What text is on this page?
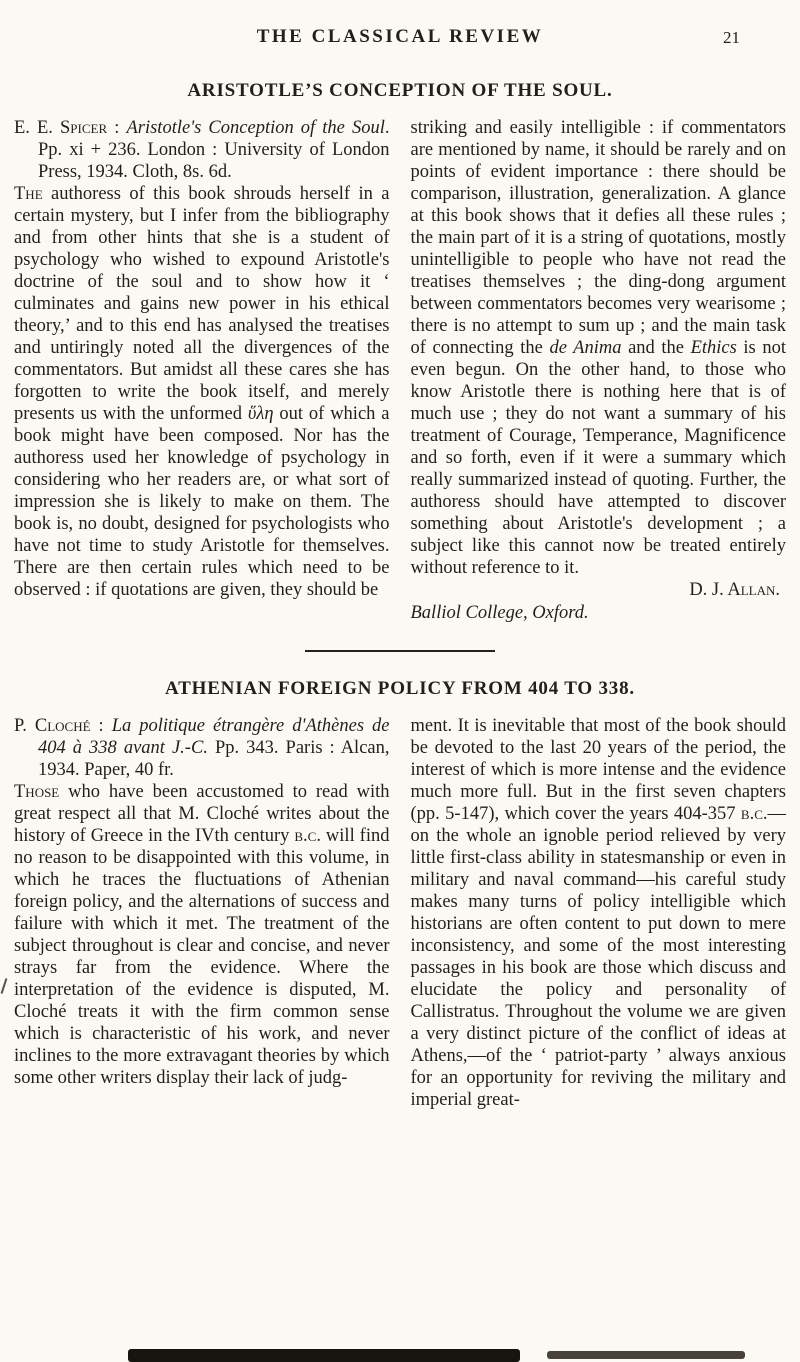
THE CLASSICAL REVIEW	21
ARISTOTLE’S CONCEPTION OF THE SOUL.

E. E. Spicer : Aristotle's Conception of the Soul. Pp. xi + 236. London : University of London Press, 1934. Cloth, 8s. 6d.

The authoress of this book shrouds herself in a certain mystery, but I infer from the bibliography and from other hints that she is a student of psychology who wished to expound Aristotle's doctrine of the soul and to show how it ‘ culminates and gains new power in his ethical theory,’ and to this end has analysed the treatises and untiringly noted all the divergences of the commentators. But amidst all these cares she has forgotten to write the book itself, and merely presents us with the unformed ὕλη out of which a book might have been composed. Nor has the authoress used her knowledge of psychology in considering who her readers are, or what sort of impression she is likely to make on them. The book is, no doubt, designed for psychologists who have not time to study Aristotle for themselves. There are then certain rules which need to be observed : if quotations are given, they should be

striking and easily intelligible : if commentators are mentioned by name, it should be rarely and on points of evident importance : there should be comparison, illustration, generalization. A glance at this book shows that it defies all these rules ; the main part of it is a string of quotations, mostly unintelligible to people who have not read the treatises themselves ; the ding-dong argument between commentators becomes very wearisome ; there is no attempt to sum up ; and the main task of connecting the de Anima and the Ethics is not even begun. On the other hand, to those who know Aristotle there is nothing here that is of much use ; they do not want a summary of his treatment of Courage, Temperance, Magnificence and so forth, even if it were a summary which really summarized instead of quoting. Further, the authoress should have attempted to discover something about Aristotle's development ; a subject like this cannot now be treated entirely without reference to it.

D. J. Allan.
Balliol College, Oxford.
ATHENIAN FOREIGN POLICY FROM 404 TO 338.

P. Cloché : La politique étrangère d'Athènes de 404 à 338 avant J.-C. Pp. 343. Paris : Alcan, 1934. Paper, 40 fr.

Those who have been accustomed to read with great respect all that M. Cloché writes about the history of Greece in the IVth century b.c. will find no reason to be disappointed with this volume, in which he traces the fluctuations of Athenian foreign policy, and the alternations of success and failure with which it met. The treatment of the subject throughout is clear and concise, and never strays far from the evidence. Where the interpretation of the evidence is disputed, M. Cloché treats it with the firm common sense which is characteristic of his work, and never inclines to the more extravagant theories by which some other writers display their lack of judg-

ment. It is inevitable that most of the book should be devoted to the last 20 years of the period, the interest of which is more intense and the evidence much more full. But in the first seven chapters (pp. 5-147), which cover the years 404-357 b.c.—on the whole an ignoble period relieved by very little first-class ability in statesmanship or even in military and naval command—his careful study makes many turns of policy intelligible which historians are often content to put down to mere inconsistency, and some of the most interesting passages in his book are those which discuss and elucidate the policy and personality of Callistratus. Throughout the volume we are given a very distinct picture of the conflict of ideas at Athens,—of the ‘ patriot-party ’ always anxious for an opportunity for reviving the military and imperial great-
